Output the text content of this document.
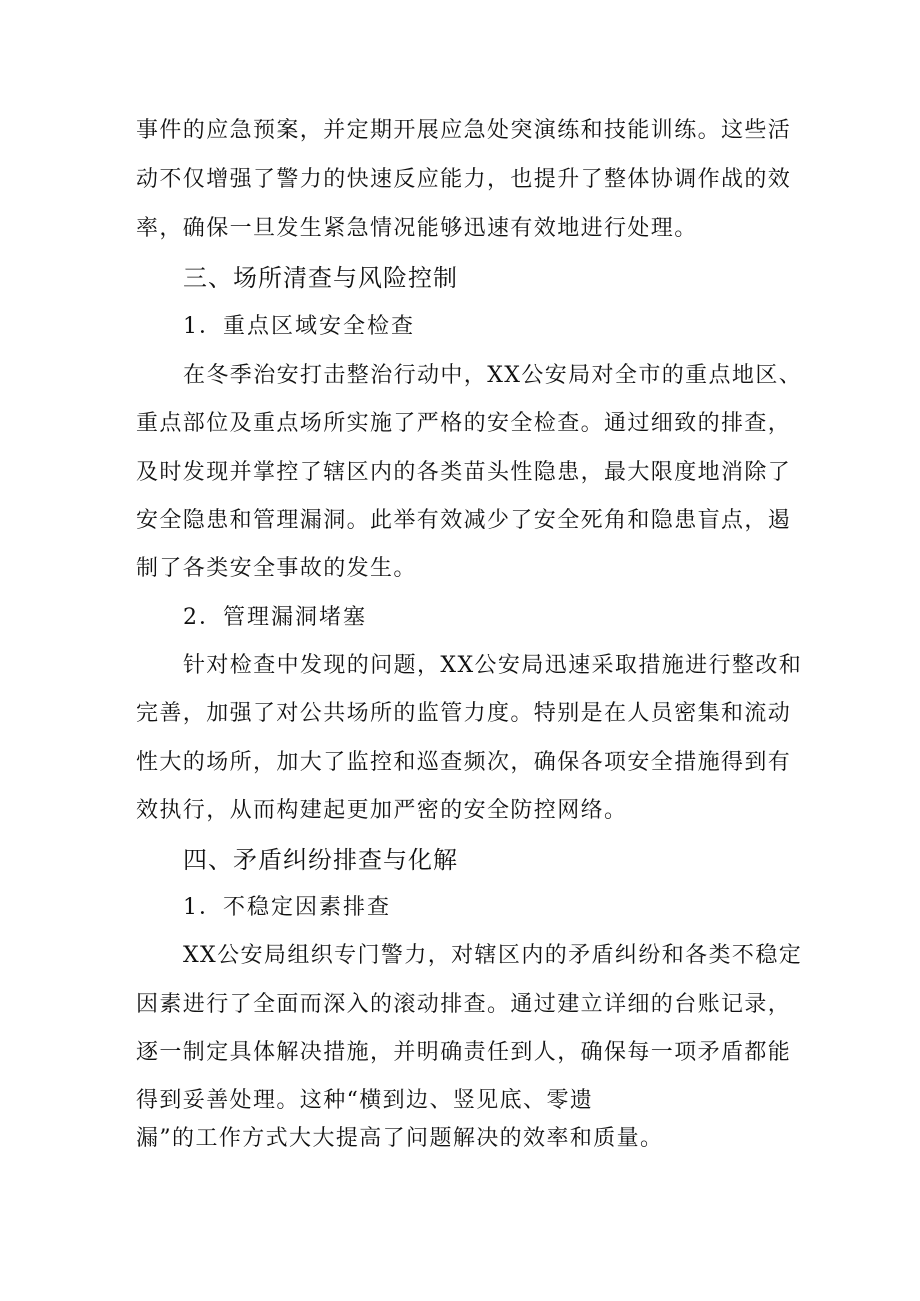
事件的应急预案，并定期开展应急处突演练和技能训练。这些活
动不仅增强了警力的快速反应能力，也提升了整体协调作战的效
率，确保一旦发生紧急情况能够迅速有效地进行处理。
三、场所清查与风险控制
1．重点区域安全检查
在冬季治安打击整治行动中，XX公安局对全市的重点地区、
重点部位及重点场所实施了严格的安全检查。通过细致的排查，
及时发现并掌控了辖区内的各类苗头性隐患，最大限度地消除了
安全隐患和管理漏洞。此举有效减少了安全死角和隐患盲点，遏
制了各类安全事故的发生。
2．管理漏洞堵塞
针对检查中发现的问题，XX公安局迅速采取措施进行整改和
完善，加强了对公共场所的监管力度。特别是在人员密集和流动
性大的场所，加大了监控和巡查频次，确保各项安全措施得到有
效执行，从而构建起更加严密的安全防控网络。
四、矛盾纠纷排查与化解
1．不稳定因素排查
XX公安局组织专门警力，对辖区内的矛盾纠纷和各类不稳定
因素进行了全面而深入的滚动排查。通过建立详细的台账记录，
逐一制定具体解决措施，并明确责任到人，确保每一项矛盾都能
得到妥善处理。这种“横到边、竖见底、零遗
漏”的工作方式大大提高了问题解决的效率和质量。
